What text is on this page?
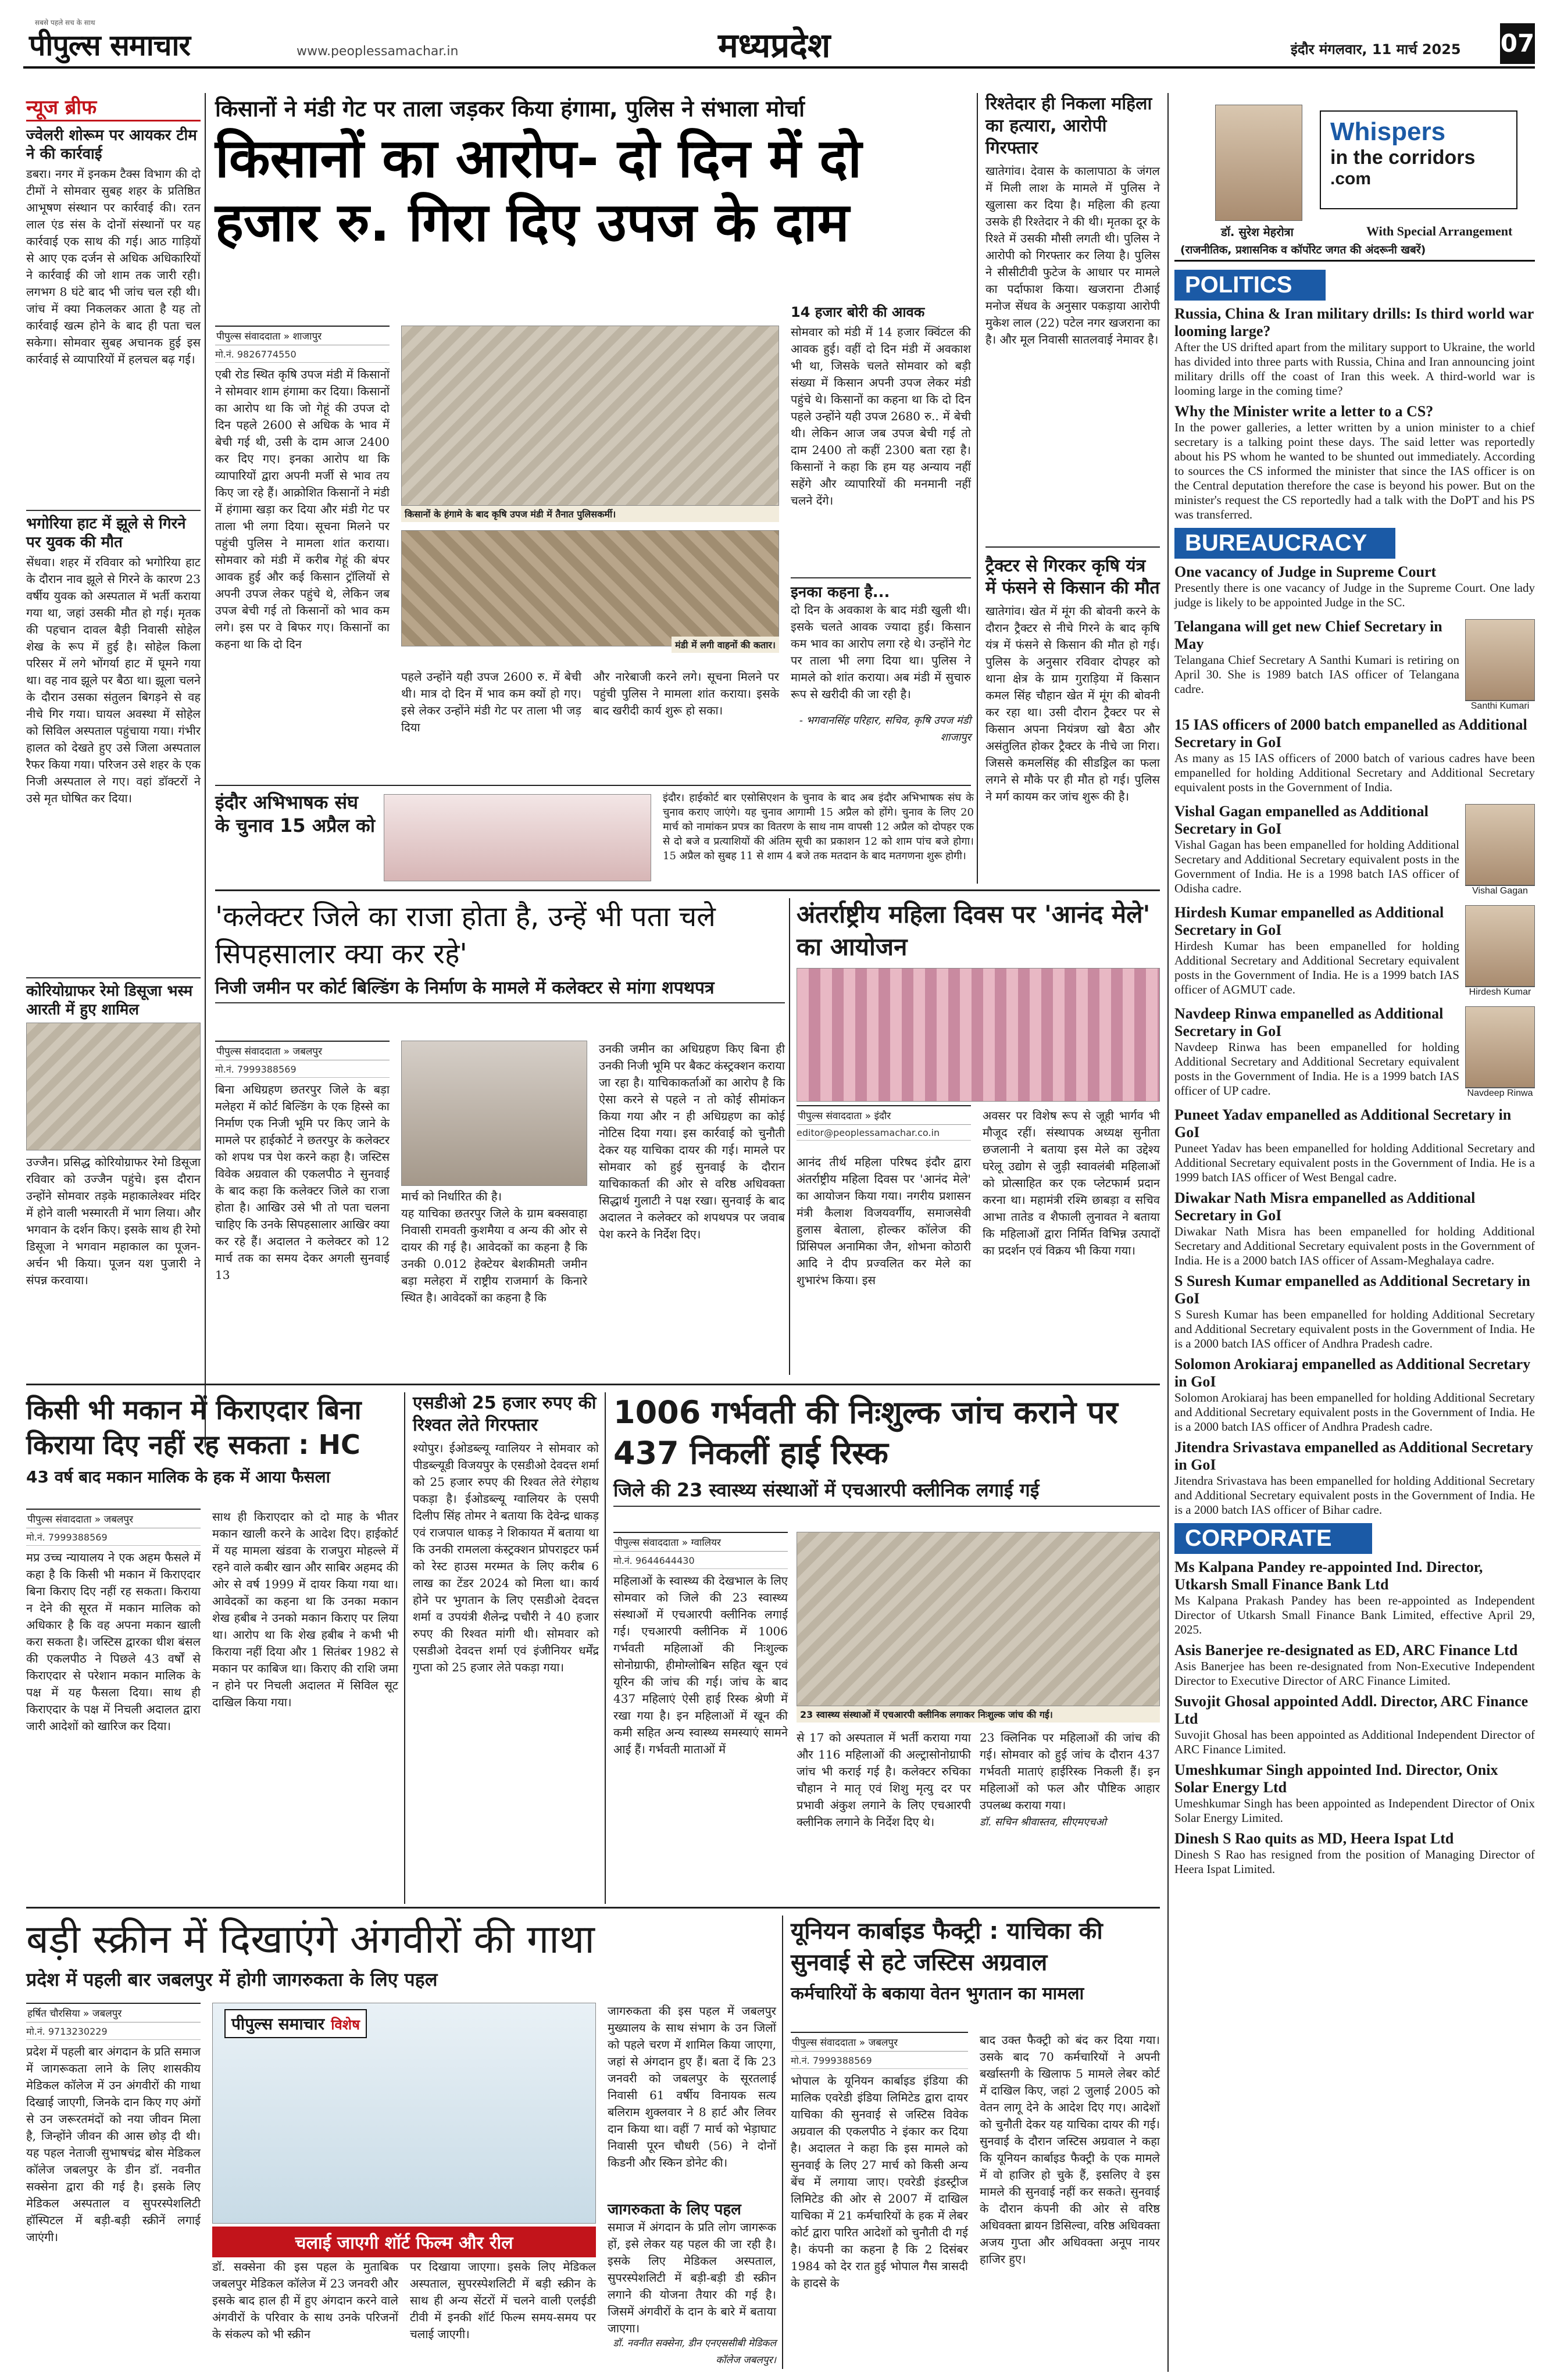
सबसे पहले सच के साथ
पीपुल्स समाचार	www.peoplessamachar.in	मध्यप्रदेश	इंदौर मंगलवार, 11 मार्च 2025 07
न्यूज ब्रीफ
ज्वेलरी शोरूम पर आयकर टीम ने की कार्रवाई
डबरा। नगर में इनकम टैक्स विभाग की दो टीमों ने सोमवार सुबह शहर के प्रतिष्ठित आभूषण संस्थान पर कार्रवाई की। रतन लाल एंड संस के दोनों संस्थानों पर यह कार्रवाई एक साथ की गई। आठ गाड़ियों से आए एक दर्जन से अधिक अधिकारियों ने कार्रवाई की जो शाम तक जारी रही। लगभग 8 घंटे बाद भी जांच चल रही थी। जांच में क्या निकलकर आता है यह तो कार्रवाई खत्म होने के बाद ही पता चल सकेगा। सोमवार सुबह अचानक हुई इस कार्रवाई से व्यापारियों में हलचल बढ़ गई।
भगोरिया हाट में झूले से गिरने पर युवक की मौत
सेंधवा। शहर में रविवार को भगोरिया हाट के दौरान नाव झूले से गिरने के कारण 23 वर्षीय युवक को अस्पताल में भर्ती कराया गया था, जहां उसकी मौत हो गई। मृतक की पहचान दावल बैड़ी निवासी सोहेल शेख के रूप में हुई है। सोहेल किला परिसर में लगे भोंगर्या हाट में घूमने गया था। वह नाव झूले पर बैठा था। झूला चलने के दौरान उसका संतुलन बिगड़ने से वह नीचे गिर गया। घायल अवस्था में सोहेल को सिविल अस्पताल पहुंचाया गया। गंभीर हालत को देखते हुए उसे जिला अस्पताल रैफर किया गया। परिजन उसे शहर के एक निजी अस्पताल ले गए। वहां डॉक्टरों ने उसे मृत घोषित कर दिया।
कोरियोग्राफर रेमो डिसूजा भस्म आरती में हुए शामिल
उज्जैन। प्रसिद्ध कोरियोग्राफर रेमो डिसूजा रविवार को उज्जैन पहुंचे। इस दौरान उन्होंने सोमवार तड़के महाकालेश्वर मंदिर में होने वाली भस्मारती में भाग लिया। और भगवान के दर्शन किए। इसके साथ ही रेमो डिसूजा ने भगवान महाकाल का पूजन-अर्चन भी किया। पूजन यश पुजारी ने संपन्न करवाया।
किसानों ने मंडी गेट पर ताला जड़कर किया हंगामा, पुलिस ने संभाला मोर्चा
किसानों का आरोप- दो दिन में दो हजार रु. गिरा दिए उपज के दाम
पीपुल्स संवाददाता » शाजापुर
मो.नं. 9826774550
एबी रोड स्थित कृषि उपज मंडी में किसानों ने सोमवार शाम हंगामा कर दिया। किसानों का आरोप था कि जो गेहूं की उपज दो दिन पहले 2600 से अधिक के भाव में बेची गई थी, उसी के दाम आज 2400 कर दिए गए। इनका आरोप था कि व्यापारियों द्वारा अपनी मर्जी से भाव तय किए जा रहे हैं। आक्रोशित किसानों ने मंडी में हंगामा खड़ा कर दिया और मंडी गेट पर ताला भी लगा दिया। सूचना मिलने पर पहुंची पुलिस ने मामला शांत कराया। सोमवार को मंडी में करीब गेहूं की बंपर आवक हुई और कई किसान ट्रॉलियों से अपनी उपज लेकर पहुंचे थे, लेकिन जब उपज बेची गई तो किसानों को भाव कम लगे। इस पर वे बिफर गए। किसानों का कहना था कि दो दिन
किसानों के हंगामे के बाद कृषि उपज मंडी में तैनात पुलिसकर्मी।
मंडी में लगी वाहनों की कतार।
पहले उन्होंने यही उपज 2600 रु. में बेची थी। मात्र दो दिन में भाव कम क्यों हो गए। इसे लेकर उन्होंने मंडी गेट पर ताला भी जड़ दिया
और नारेबाजी करने लगे। सूचना मिलने पर पहुंची पुलिस ने मामला शांत कराया। इसके बाद खरीदी कार्य शुरू हो सका।
14 हजार बोरी की आवक
सोमवार को मंडी में 14 हजार क्विंटल की आवक हुई। वहीं दो दिन मंडी में अवकाश भी था, जिसके चलते सोमवार को बड़ी संख्या में किसान अपनी उपज लेकर मंडी पहुंचे थे। किसानों का कहना था कि दो दिन पहले उन्होंने यही उपज 2680 रु.. में बेची थी। लेकिन आज जब उपज बेची गई तो दाम 2400 तो कहीं 2300 बता रहा है। किसानों ने कहा कि हम यह अन्याय नहीं सहेंगे और व्यापारियों की मनमानी नहीं चलने देंगे।
इनका कहना है...
दो दिन के अवकाश के बाद मंडी खुली थी। इसके चलते आवक ज्यादा हुई। किसान कम भाव का आरोप लगा रहे थे। उन्होंने गेट पर ताला भी लगा दिया था। पुलिस ने मामले को शांत कराया। अब मंडी में सुचारु रूप से खरीदी की जा रही है।
- भगवानसिंह परिहार, सचिव, कृषि उपज मंडी शाजापुर
रिश्तेदार ही निकला महिला का हत्यारा, आरोपी गिरफ्तार
खातेगांव। देवास के कालापाठा के जंगल में मिली लाश के मामले में पुलिस ने खुलासा कर दिया है। महिला की हत्या उसके ही रिश्तेदार ने की थी। मृतका दूर के रिश्ते में उसकी मौसी लगती थी। पुलिस ने आरोपी को गिरफ्तार कर लिया है। पुलिस ने सीसीटीवी फुटेज के आधार पर मामले का पर्दाफाश किया। खजराना टीआई मनोज सेंधव के अनुसार पकड़ाया आरोपी मुकेश लाल (22) पटेल नगर खजराना का है। और मूल निवासी सातलवाई नेमावर है।
ट्रैक्टर से गिरकर कृषि यंत्र में फंसने से किसान की मौत
खातेगांव। खेत में मूंग की बोवनी करने के दौरान ट्रैक्टर से नीचे गिरने के बाद कृषि यंत्र में फंसने से किसान की मौत हो गई। पुलिस के अनुसार रविवार दोपहर को थाना क्षेत्र के ग्राम गुराड़िया में किसान कमल सिंह चौहान खेत में मूंग की बोवनी कर रहा था। उसी दौरान ट्रैक्टर पर से किसान अपना नियंत्रण खो बैठा और असंतुलित होकर ट्रैक्टर के नीचे जा गिरा। जिससे कमलसिंह की सीडड्रिल का फला लगने से मौके पर ही मौत हो गई। पुलिस ने मर्ग कायम कर जांच शुरू की है।
इंदौर अभिभाषक संघ के चुनाव 15 अप्रैल को
इंदौर। हाईकोर्ट बार एसोसिएशन के चुनाव के बाद अब इंदौर अभिभाषक संघ के चुनाव कराए जाएंगे। यह चुनाव आगामी 15 अप्रैल को होंगे। चुनाव के लिए 20 मार्च को नामांकन प्रपत्र का वितरण के साथ नाम वापसी 12 अप्रैल को दोपहर एक से दो बजे व प्रत्याशियों की अंतिम सूची का प्रकाशन 12 को शाम पांच बजे होगा। 15 अप्रैल को सुबह 11 से शाम 4 बजे तक मतदान के बाद मतगणना शुरू होगी।
'कलेक्टर जिले का राजा होता है, उन्हें भी पता चले सिपहसालार क्या कर रहे'
निजी जमीन पर कोर्ट बिल्डिंग के निर्माण के मामले में कलेक्टर से मांगा शपथपत्र
पीपुल्स संवाददाता » जबलपुर
मो.नं. 7999388569
बिना अधिग्रहण छतरपुर जिले के बड़ा मलेहरा में कोर्ट बिल्डिंग के एक हिस्से का निर्माण एक निजी भूमि पर किए जाने के मामले पर हाईकोर्ट ने छतरपुर के कलेक्टर को शपथ पत्र पेश करने कहा है। जस्टिस विवेक अग्रवाल की एकलपीठ ने सुनवाई के बाद कहा कि कलेक्टर जिले का राजा होता है। आखिर उसे भी तो पता चलना चाहिए कि उनके सिपहसालार आखिर क्या कर रहे हैं। अदालत ने कलेक्टर को 12 मार्च तक का समय देकर अगली सुनवाई 13
मार्च को निर्धारित की है।
यह याचिका छतरपुर जिले के ग्राम बक्सवाहा निवासी रामवती कुशमैया व अन्य की ओर से दायर की गई है। आवेदकों का कहना है कि उनकी 0.012 हेक्टेयर बेशकीमती जमीन बड़ा मलेहरा में राष्ट्रीय राजमार्ग के किनारे स्थित है। आवेदकों का कहना है कि
उनकी जमीन का अधिग्रहण किए बिना ही उनकी निजी भूमि पर बैकट कंस्ट्रक्शन कराया जा रहा है। याचिकाकर्ताओं का आरोप है कि ऐसा करने से पहले न तो कोई सीमांकन किया गया और न ही अधिग्रहण का कोई नोटिस दिया गया। इस कार्रवाई को चुनौती देकर यह याचिका दायर की गई। मामले पर सोमवार को हुई सुनवाई के दौरान याचिकाकर्ता की ओर से वरिष्ठ अधिवक्ता सिद्धार्थ गुलाटी ने पक्ष रखा। सुनवाई के बाद अदालत ने कलेक्टर को शपथपत्र पर जवाब पेश करने के निर्देश दिए।
अंतर्राष्ट्रीय महिला दिवस पर 'आनंद मेले' का आयोजन
पीपुल्स संवाददाता » इंदौर
editor@peoplessamachar.co.in
आनंद तीर्थ महिला परिषद इंदौर द्वारा अंतर्राष्ट्रीय महिला दिवस पर 'आनंद मेले' का आयोजन किया गया। नगरीय प्रशासन मंत्री कैलाश विजयवर्गीय, समाजसेवी हुलास बेताला, होल्कर कॉलेज की प्रिंसिपल अनामिका जैन, शोभना कोठारी आदि ने दीप प्रज्वलित कर मेले का शुभारंभ किया। इस
अवसर पर विशेष रूप से जूही भार्गव भी मौजूद रहीं। संस्थापक अध्यक्ष सुनीता छजलानी ने बताया इस मेले का उद्देश्य घरेलू उद्योग से जुड़ी स्वावलंबी महिलाओं को प्रोत्साहित कर एक प्लेटफार्म प्रदान करना था। महामंत्री रश्मि छाबड़ा व सचिव आभा तातेड व शैफाली लुनावत ने बताया कि महिलाओं द्वारा निर्मित विभिन्न उत्पादों का प्रदर्शन एवं विक्रय भी किया गया।
किसी भी मकान में किराएदार बिना किराया दिए नहीं रह सकता : HC
43 वर्ष बाद मकान मालिक के हक में आया फैसला
पीपुल्स संवाददाता » जबलपुर
मो.नं. 7999388569
मप्र उच्च न्यायालय ने एक अहम फैसले में कहा है कि किसी भी मकान में किराएदार बिना किराए दिए नहीं रह सकता। किराया न देने की सूरत में मकान मालिक को अधिकार है कि वह अपना मकान खाली करा सकता है। जस्टिस द्वारका धीश बंसल की एकलपीठ ने पिछले 43 वर्षों से किराएदार से परेशान मकान मालिक के पक्ष में यह फैसला दिया। साथ ही किराएदार के पक्ष में निचली अदालत द्वारा जारी आदेशों को खारिज कर दिया।
साथ ही किराएदार को दो माह के भीतर मकान खाली करने के आदेश दिए। हाईकोर्ट में यह मामला खंडवा के राजपुरा मोहल्ले में रहने वाले कबीर खान और साबिर अहमद की ओर से वर्ष 1999 में दायर किया गया था। आवेदकों का कहना था कि उनका मकान शेख हबीब ने उनको मकान किराए पर लिया था। आरोप था कि शेख हबीब ने कभी भी किराया नहीं दिया और 1 सितंबर 1982 से मकान पर काबिज था। किराए की राशि जमा न होने पर निचली अदालत में सिविल सूट दाखिल किया गया।
एसडीओ 25 हजार रुपए की रिश्वत लेते गिरफ्तार
श्योपुर। ईओडब्ल्यू ग्वालियर ने सोमवार को पीडब्ल्यूडी विजयपुर के एसडीओ देवदत्त शर्मा को 25 हजार रुपए की रिश्वत लेते रंगेहाथ पकड़ा है। ईओडब्ल्यू ग्वालियर के एसपी दिलीप सिंह तोमर ने बताया कि देवेन्द्र धाकड़ एवं राजपाल धाकड़ ने शिकायत में बताया था कि उनकी रामलला कंस्ट्रक्शन प्रोपराइटर फर्म को रेस्ट हाउस मरम्मत के लिए करीब 6 लाख का टेंडर 2024 को मिला था। कार्य होने पर भुगतान के लिए एसडीओ देवदत्त शर्मा व उपयंत्री शैलेन्द्र पचौरी ने 40 हजार रुपए की रिश्वत मांगी थी। सोमवार को एसडीओ देवदत्त शर्मा एवं इंजीनियर धर्मेंद्र गुप्ता को 25 हजार लेते पकड़ा गया।
1006 गर्भवती की निःशुल्क जांच कराने पर 437 निकलीं हाई रिस्क
जिले की 23 स्वास्थ्य संस्थाओं में एचआरपी क्लीनिक लगाई गई
पीपुल्स संवाददाता » ग्वालियर
मो.नं. 9644644430
महिलाओं के स्वास्थ्य की देखभाल के लिए सोमवार को जिले की 23 स्वास्थ्य संस्थाओं में एचआरपी क्लीनिक लगाई गई। एचआरपी क्लीनिक में 1006 गर्भवती महिलाओं की निःशुल्क सोनोग्राफी, हीमोग्लोबिन सहित खून एवं यूरिन की जांच की गई। जांच के बाद 437 महिलाएं ऐसी हाई रिस्क श्रेणी में रखा गया है। इन महिलाओं में खून की कमी सहित अन्य स्वास्थ्य समस्याएं सामने आई हैं। गर्भवती माताओं में
23 स्वास्थ्य संस्थाओं में एचआरपी क्लीनिक लगाकर निःशुल्क जांच की गई।
से 17 को अस्पताल में भर्ती कराया गया और 116 महिलाओं की अल्ट्रासोनोग्राफी जांच भी कराई गई है। कलेक्टर रुचिका चौहान ने मातृ एवं शिशु मृत्यु दर पर प्रभावी अंकुश लगाने के लिए एचआरपी क्लीनिक लगाने के निर्देश दिए थे।
23 क्लिनिक पर महिलाओं की जांच की गई। सोमवार को हुई जांच के दौरान 437 गर्भवती माताएं हाईरिस्क निकली हैं। इन महिलाओं को फल और पौष्टिक आहार उपलब्ध कराया गया।
डॉ. सचिन श्रीवास्तव, सीएमएचओ
बड़ी स्क्रीन में दिखाएंगे अंगवीरों की गाथा
प्रदेश में पहली बार जबलपुर में होगी जागरुकता के लिए पहल
हर्षित चौरसिया » जबलपुर
मो.नं. 9713230229
प्रदेश में पहली बार अंगदान के प्रति समाज में जागरूकता लाने के लिए शासकीय मेडिकल कॉलेज में उन अंगवीरों की गाथा दिखाई जाएगी, जिनके दान किए गए अंगों से उन जरूरतमंदों को नया जीवन मिला है, जिन्होंने जीवन की आस छोड़ दी थी। यह पहल नेताजी सुभाषचंद्र बोस मेडिकल कॉलेज जबलपुर के डीन डॉ. नवनीत सक्सेना द्वारा की गई है। इसके लिए मेडिकल अस्पताल व सुपरस्पेशलिटी हॉस्पिटल में बड़ी-बड़ी स्क्रीनें लगाई जाएंगी।
पीपुल्स समाचार विशेष
चलाई जाएगी शॉर्ट फिल्म और रील
डॉ. सक्सेना की इस पहल के मुताबिक जबलपुर मेडिकल कॉलेज में 23 जनवरी और इसके बाद हाल ही में हुए अंगदान करने वाले अंगवीरों के परिवार के साथ उनके परिजनों के संकल्प को भी स्क्रीन
पर दिखाया जाएगा। इसके लिए मेडिकल अस्पताल, सुपरस्पेशलिटी में बड़ी स्क्रीन के साथ ही अन्य सेंटरों में चलने वाली एलईडी टीवी में इनकी शॉर्ट फिल्म समय-समय पर चलाई जाएगी।
जागरुकता की इस पहल में जबलपुर मुख्यालय के साथ संभाग के उन जिलों को पहले चरण में शामिल किया जाएगा, जहां से अंगदान हुए हैं। बता दें कि 23 जनवरी को जबलपुर के सूरतलाई निवासी 61 वर्षीय विनायक सत्य बलिराम शुक्लवार ने 8 हार्ट और लिवर दान किया था। वहीं 7 मार्च को भेड़ाघाट निवासी पूरन चौधरी (56) ने दोनों किडनी और स्किन डोनेट की।
जागरुकता के लिए पहल
समाज में अंगदान के प्रति लोग जागरूक हों, इसे लेकर यह पहल की जा रही है। इसके लिए मेडिकल अस्पताल, सुपरस्पेशलिटी में बड़ी-बड़ी डी स्क्रीन लगाने की योजना तैयार की गई है। जिसमें अंगवीरों के दान के बारे में बताया जाएगा।
डॉ. नवनीत सक्सेना, डीन एनएससीबी मेडिकल कॉलेज जबलपुर।
यूनियन कार्बाइड फैक्ट्री : याचिका की सुनवाई से हटे जस्टिस अग्रवाल
कर्मचारियों के बकाया वेतन भुगतान का मामला
पीपुल्स संवाददाता » जबलपुर
मो.नं. 7999388569
भोपाल के यूनियन कार्बाइड इंडिया की मालिक एवरेडी इंडिया लिमिटेड द्वारा दायर याचिका की सुनवाई से जस्टिस विवेक अग्रवाल की एकलपीठ ने इंकार कर दिया है। अदालत ने कहा कि इस मामले को सुनवाई के लिए 27 मार्च को किसी अन्य बेंच में लगाया जाए। एवरेडी इंडस्ट्रीज लिमिटेड की ओर से 2007 में दाखिल याचिका में 21 कर्मचारियों के हक में लेबर कोर्ट द्वारा पारित आदेशों को चुनौती दी गई है। कंपनी का कहना है कि 2 दिसंबर 1984 को देर रात हुई भोपाल गैस त्रासदी के हादसे के
बाद उक्त फैक्ट्री को बंद कर दिया गया। उसके बाद 70 कर्मचारियों ने अपनी बर्खास्तगी के खिलाफ 5 मामले लेबर कोर्ट में दाखिल किए, जहां 2 जुलाई 2005 को वेतन लागू देने के आदेश दिए गए। आदेशों को चुनौती देकर यह याचिका दायर की गई। सुनवाई के दौरान जस्टिस अग्रवाल ने कहा कि यूनियन कार्बाइड फैक्ट्री के एक मामले में वो हाजिर हो चुके हैं, इसलिए वे इस मामले की सुनवाई नहीं कर सकते। सुनवाई के दौरान कंपनी की ओर से वरिष्ठ अधिवक्ता ब्रायन डिसिल्वा, वरिष्ठ अधिवक्ता अजय गुप्ता और अधिवक्ता अनूप नायर हाजिर हुए।
Whispers
in the corridors
.com
डॉ. सुरेश मेहरोत्रा	With Special Arrangement
(राजनीतिक, प्रशासनिक व कॉर्पोरेट जगत की अंदरूनी खबरें)
POLITICS
Russia, China & Iran military drills: Is third world war looming large?
After the US drifted apart from the military support to Ukraine, the world has divided into three parts with Russia, China and Iran announcing joint military drills off the coast of Iran this week. A third-world war is looming large in the coming time?
Why the Minister write a letter to a CS?
In the power galleries, a letter written by a union minister to a chief secretary is a talking point these days. The said letter was reportedly about his PS whom he wanted to be shunted out immediately. According to sources the CS informed the minister that since the IAS officer is on the Central deputation therefore the case is beyond his power. But on the minister's request the CS reportedly had a talk with the DoPT and his PS was transferred.
BUREAUCRACY
One vacancy of Judge in Supreme Court
Presently there is one vacancy of Judge in the Supreme Court. One lady judge is likely to be appointed Judge in the SC.
Telangana will get new Chief Secretary in May
Telangana Chief Secretary A Santhi Kumari is retiring on April 30. She is 1989 batch IAS officer of Telangana cadre.
Santhi Kumari
15 IAS officers of 2000 batch empanelled as Additional Secretary in GoI
As many as 15 IAS officers of 2000 batch of various cadres have been empanelled for holding Additional Secretary and Additional Secretary equivalent posts in the Government of India.
Vishal Gagan empanelled as Additional Secretary in GoI
Vishal Gagan has been empanelled for holding Additional Secretary and Additional Secretary equivalent posts in the Government of India. He is a 1998 batch IAS officer of Odisha cadre.	Vishal Gagan
Hirdesh Kumar empanelled as Additional Secretary in GoI
Hirdesh Kumar has been empanelled for holding Additional Secretary and Additional Secretary equivalent posts in the Government of India. He is a 1999 batch IAS officer of AGMUT cade.	Hirdesh Kumar
Navdeep Rinwa empanelled as Additional Secretary in GoI
Navdeep Rinwa has been empanelled for holding Additional Secretary and Additional Secretary equivalent posts in the Government of India. He is a 1999 batch IAS officer of UP cadre.	Navdeep Rinwa
Puneet Yadav empanelled as Additional Secretary in GoI
Puneet Yadav has been empanelled for holding Additional Secretary and Additional Secretary equivalent posts in the Government of India. He is a 1999 batch IAS officer of West Bengal cadre.
Diwakar Nath Misra empanelled as Additional Secretary in GoI
Diwakar Nath Misra has been empanelled for holding Additional Secretary and Additional Secretary equivalent posts in the Government of India. He is a 2000 batch IAS officer of Assam-Meghalaya cadre.
S Suresh Kumar empanelled as Additional Secretary in GoI
S Suresh Kumar has been empanelled for holding Additional Secretary and Additional Secretary equivalent posts in the Government of India. He is a 2000 batch IAS officer of Andhra Pradesh cadre.
Solomon Arokiaraj empanelled as Additional Secretary in GoI
Solomon Arokiaraj has been empanelled for holding Additional Secretary and Additional Secretary equivalent posts in the Government of India. He is a 2000 batch IAS officer of Andhra Pradesh cadre.
Jitendra Srivastava empanelled as Additional Secretary in GoI
Jitendra Srivastava has been empanelled for holding Additional Secretary and Additional Secretary equivalent posts in the Government of India. He is a 2000 batch IAS officer of Bihar cadre.
CORPORATE
Ms Kalpana Pandey re-appointed Ind. Director, Utkarsh Small Finance Bank Ltd
Ms Kalpana Prakash Pandey has been re-appointed as Independent Director of Utkarsh Small Finance Bank Limited, effective April 29, 2025.
Asis Banerjee re-designated as ED, ARC Finance Ltd
Asis Banerjee has been re-designated from Non-Executive Independent Director to Executive Director of ARC Finance Limited.
Suvojit Ghosal appointed Addl. Director, ARC Finance Ltd
Suvojit Ghosal has been appointed as Additional Independent Director of ARC Finance Limited.
Umeshkumar Singh appointed Ind. Director, Onix Solar Energy Ltd
Umeshkumar Singh has been appointed as Independent Director of Onix Solar Energy Limited.
Dinesh S Rao quits as MD, Heera Ispat Ltd
Dinesh S Rao has resigned from the position of Managing Director of Heera Ispat Limited.
